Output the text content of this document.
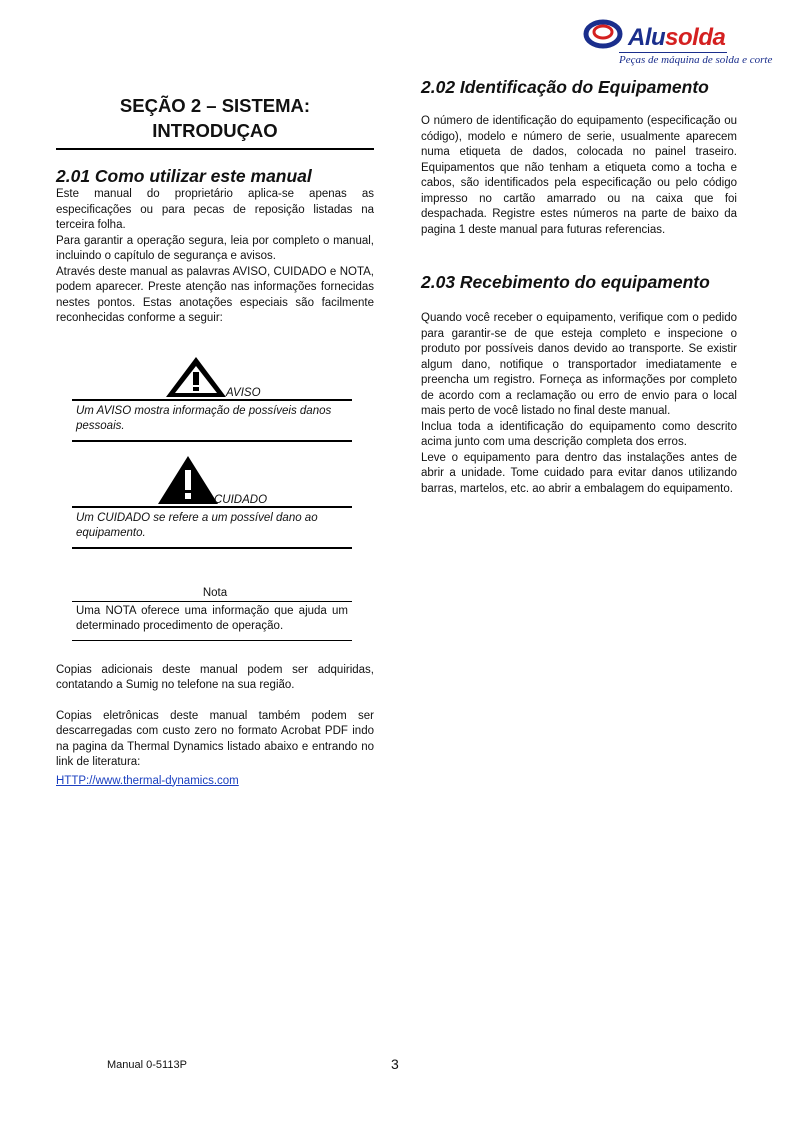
Alusolda
Peças de máquina de solda e corte
SEÇÃO 2 – SISTEMA:
INTRODUÇAO
2.01 Como utilizar este manual

Este manual do proprietário aplica-se apenas as especificações ou para pecas de reposição listadas na terceira folha.

Para garantir a operação segura, leia por completo o manual, incluindo o capítulo de segurança e avisos.

Através deste manual as palavras AVISO, CUIDADO e NOTA, podem aparecer. Preste atenção nas informações fornecidas nestes pontos. Estas anotações especiais são facilmente reconhecidas conforme a seguir:

AVISO

Um AVISO mostra informação de possíveis danos pessoais.

CUIDADO

Um CUIDADO se refere a um possível dano ao equipamento.

Nota

Uma NOTA oferece uma informação que ajuda um determinado procedimento de operação.

Copias adicionais deste manual podem ser adquiridas, contatando a Sumig no telefone na sua região.

Copias eletrônicas deste manual também podem ser descarregadas com custo zero no formato Acrobat PDF indo na pagina da Thermal Dynamics listado abaixo e entrando no link de literatura:

HTTP://www.thermal-dynamics.com
2.02 Identificação do Equipamento

O número de identificação do equipamento (especificação ou código), modelo e número de serie, usualmente aparecem numa etiqueta de dados, colocada no painel traseiro. Equipamentos que não tenham a etiqueta como a tocha e cabos, são identificados pela especificação ou pelo código impresso no cartão amarrado ou na caixa que foi despachada. Registre estes números na parte de baixo da pagina 1 deste manual para futuras referencias.

2.03 Recebimento do equipamento

Quando você receber o equipamento, verifique com o pedido para garantir-se de que esteja completo e inspecione o produto por possíveis danos devido ao transporte. Se existir algum dano, notifique o transportador imediatamente e preencha um registro. Forneça as informações por completo de acordo com a reclamação ou erro de envio para o local mais perto de você listado no final deste manual.

Inclua toda a identificação do equipamento como descrito acima junto com uma descrição completa dos erros.

Leve o equipamento para dentro das instalações antes de abrir a unidade. Tome cuidado para evitar danos utilizando barras, martelos, etc. ao abrir a embalagem do equipamento.

Manual 0-5113P	3
